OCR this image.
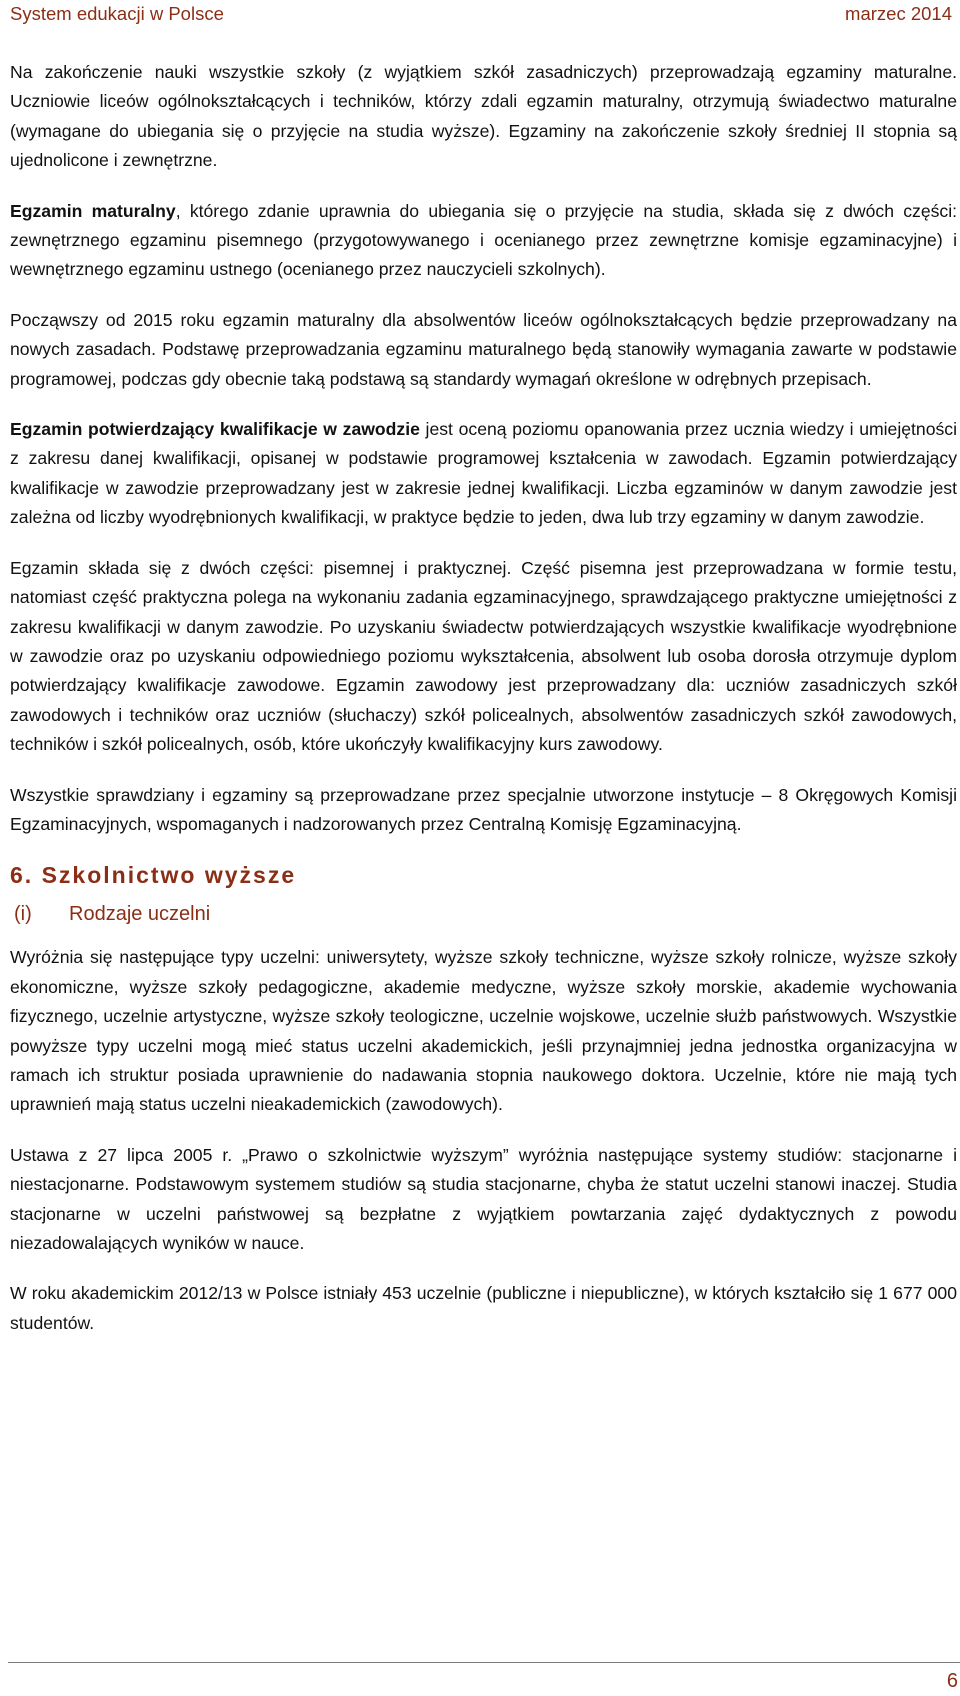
System edukacji w Polsce	marzec 2014

Na zakończenie nauki wszystkie szkoły (z wyjątkiem szkół zasadniczych) przeprowadzają egzaminy maturalne. Uczniowie liceów ogólnokształcących i techników, którzy zdali egzamin maturalny, otrzymują świadectwo maturalne (wymagane do ubiegania się o przyjęcie na studia wyższe). Egzaminy na zakończenie szkoły średniej II stopnia są ujednolicone i zewnętrzne.

Egzamin maturalny, którego zdanie uprawnia do ubiegania się o przyjęcie na studia, składa się z dwóch części: zewnętrznego egzaminu pisemnego (przygotowywanego i ocenianego przez zewnętrzne komisje egzaminacyjne) i wewnętrznego egzaminu ustnego (ocenianego przez nauczycieli szkolnych).

Począwszy od 2015 roku egzamin maturalny dla absolwentów liceów ogólnokształcących będzie przeprowadzany na nowych zasadach. Podstawę przeprowadzania egzaminu maturalnego będą stanowiły wymagania zawarte w podstawie programowej, podczas gdy obecnie taką podstawą są standardy wymagań określone w odrębnych przepisach.

Egzamin potwierdzający kwalifikacje w zawodzie jest oceną poziomu opanowania przez ucznia wiedzy i umiejętności z zakresu danej kwalifikacji, opisanej w podstawie programowej kształcenia w zawodach. Egzamin potwierdzający kwalifikacje w zawodzie przeprowadzany jest w zakresie jednej kwalifikacji. Liczba egzaminów w danym zawodzie jest zależna od liczby wyodrębnionych kwalifikacji, w praktyce będzie to jeden, dwa lub trzy egzaminy w danym zawodzie.

Egzamin składa się z dwóch części: pisemnej i praktycznej. Część pisemna jest przeprowadzana w formie testu, natomiast część praktyczna polega na wykonaniu zadania egzaminacyjnego, sprawdzającego praktyczne umiejętności z zakresu kwalifikacji w danym zawodzie. Po uzyskaniu świadectw potwierdzających wszystkie kwalifikacje wyodrębnione w zawodzie oraz po uzyskaniu odpowiedniego poziomu wykształcenia, absolwent lub osoba dorosła otrzymuje dyplom potwierdzający kwalifikacje zawodowe. Egzamin zawodowy jest przeprowadzany dla: uczniów zasadniczych szkół zawodowych i techników oraz uczniów (słuchaczy) szkół policealnych, absolwentów zasadniczych szkół zawodowych, techników i szkół policealnych, osób, które ukończyły kwalifikacyjny kurs zawodowy.

Wszystkie sprawdziany i egzaminy są przeprowadzane przez specjalnie utworzone instytucje – 8 Okręgowych Komisji Egzaminacyjnych, wspomaganych i nadzorowanych przez Centralną Komisję Egzaminacyjną.

6. Szkolnictwo wyższe
(i)	Rodzaje uczelni

Wyróżnia się następujące typy uczelni: uniwersytety, wyższe szkoły techniczne, wyższe szkoły rolnicze, wyższe szkoły ekonomiczne, wyższe szkoły pedagogiczne, akademie medyczne, wyższe szkoły morskie, akademie wychowania fizycznego, uczelnie artystyczne, wyższe szkoły teologiczne, uczelnie wojskowe, uczelnie służb państwowych. Wszystkie powyższe typy uczelni mogą mieć status uczelni akademickich, jeśli przynajmniej jedna jednostka organizacyjna w ramach ich struktur posiada uprawnienie do nadawania stopnia naukowego doktora. Uczelnie, które nie mają tych uprawnień mają status uczelni nieakademickich (zawodowych).

Ustawa z 27 lipca 2005 r. „Prawo o szkolnictwie wyższym” wyróżnia następujące systemy studiów: stacjonarne i niestacjonarne. Podstawowym systemem studiów są studia stacjonarne, chyba że statut uczelni stanowi inaczej. Studia stacjonarne w uczelni państwowej są bezpłatne z wyjątkiem powtarzania zajęć dydaktycznych z powodu niezadowalających wyników w nauce.

W roku akademickim 2012/13 w Polsce istniały 453 uczelnie (publiczne i niepubliczne), w których kształciło się 1 677 000 studentów.

6
